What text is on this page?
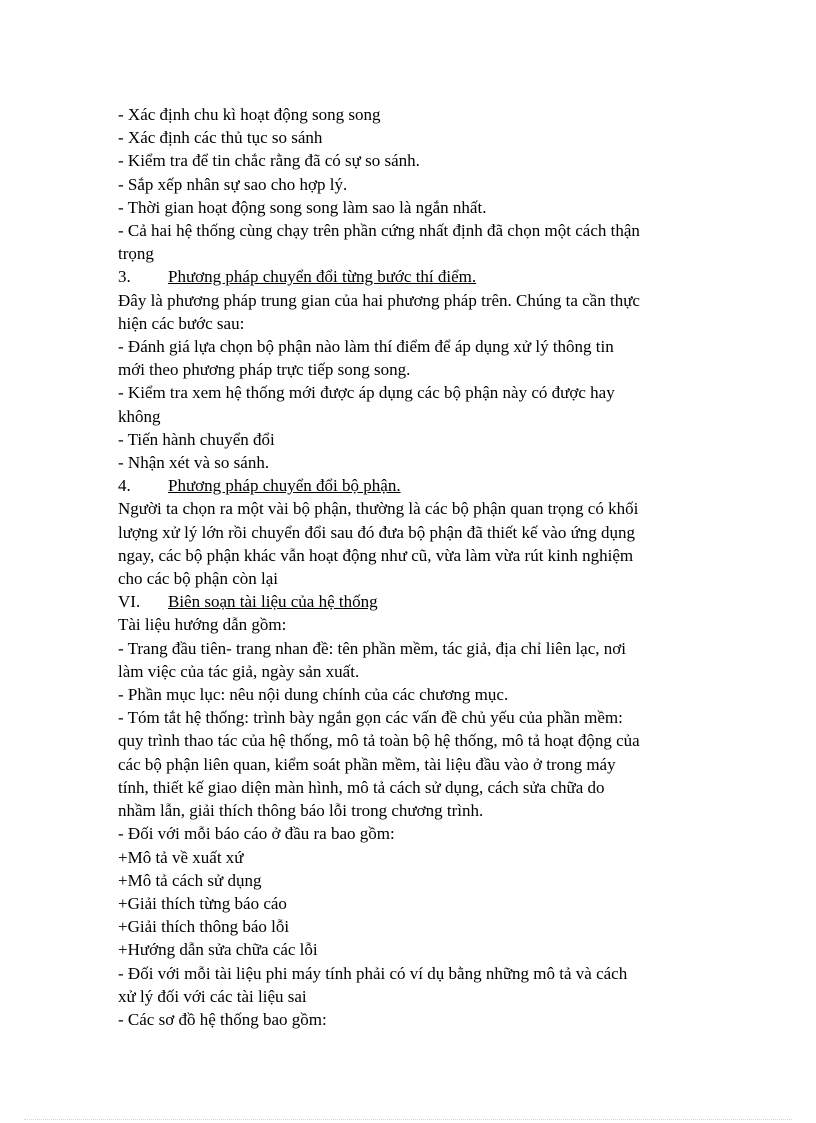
- Xác định chu kì hoạt động song song
- Xác định các thủ tục so sánh
- Kiểm tra để tin chắc rằng đã có sự so sánh.
- Sắp xếp nhân sự sao cho hợp lý.
- Thời gian hoạt động song song làm sao là ngắn nhất.
- Cả hai hệ thống cùng chạy trên phần cứng nhất định đã chọn một cách thận
trọng
3.	Phương pháp chuyển đổi từng bước thí điểm.
Đây là phương pháp trung gian của hai phương pháp trên. Chúng ta cần thực
hiện các bước sau:
- Đánh giá lựa chọn bộ phận nào làm thí điểm để áp dụng xử lý thông tin
mới theo phương pháp trực tiếp song song.
- Kiểm tra xem hệ thống mới được áp dụng các bộ phận này có được hay
không
- Tiến hành chuyển đổi
- Nhận xét và so sánh.
4.	Phương pháp chuyển đổi bộ phận.
Người ta chọn ra một vài bộ phận, thường là các bộ phận quan trọng có khối
lượng xử lý lớn rồi chuyển đổi sau đó đưa bộ phận đã thiết kế vào ứng dụng
ngay, các bộ phận khác vẫn hoạt động như cũ, vừa làm vừa rút kinh nghiệm
cho các bộ phận còn lại
VI.	Biên soạn tài liệu của hệ thống
Tài liệu hướng dẫn gồm:
- Trang đầu tiên- trang nhan đề: tên phần mềm, tác giả, địa chỉ liên lạc, nơi
làm việc của tác giả, ngày sản xuất.
- Phần mục lục: nêu nội dung chính của các chương mục.
- Tóm tắt hệ thống: trình bày ngắn gọn các vấn đề chủ yếu của phần mềm:
quy trình thao tác của hệ thống, mô tả toàn bộ hệ thống, mô tả hoạt động của
các bộ phận liên quan, kiểm soát phần mềm, tài liệu đầu vào ở trong máy
tính, thiết kế giao diện màn hình, mô tả cách sử dụng, cách sửa chữa do
nhầm lẫn, giải thích thông báo lỗi trong chương trình.
- Đối với mỗi báo cáo ở đầu ra bao gồm:
+Mô tả về xuất xứ
+Mô tả cách sử dụng
+Giải thích từng báo cáo
+Giải thích thông báo lỗi
+Hướng dẫn sửa chữa các lỗi
- Đối với mỗi tài liệu phi máy tính phải có ví dụ bằng những mô tả và cách
xử lý đối với các tài liệu sai
- Các sơ đồ hệ thống bao gồm:
